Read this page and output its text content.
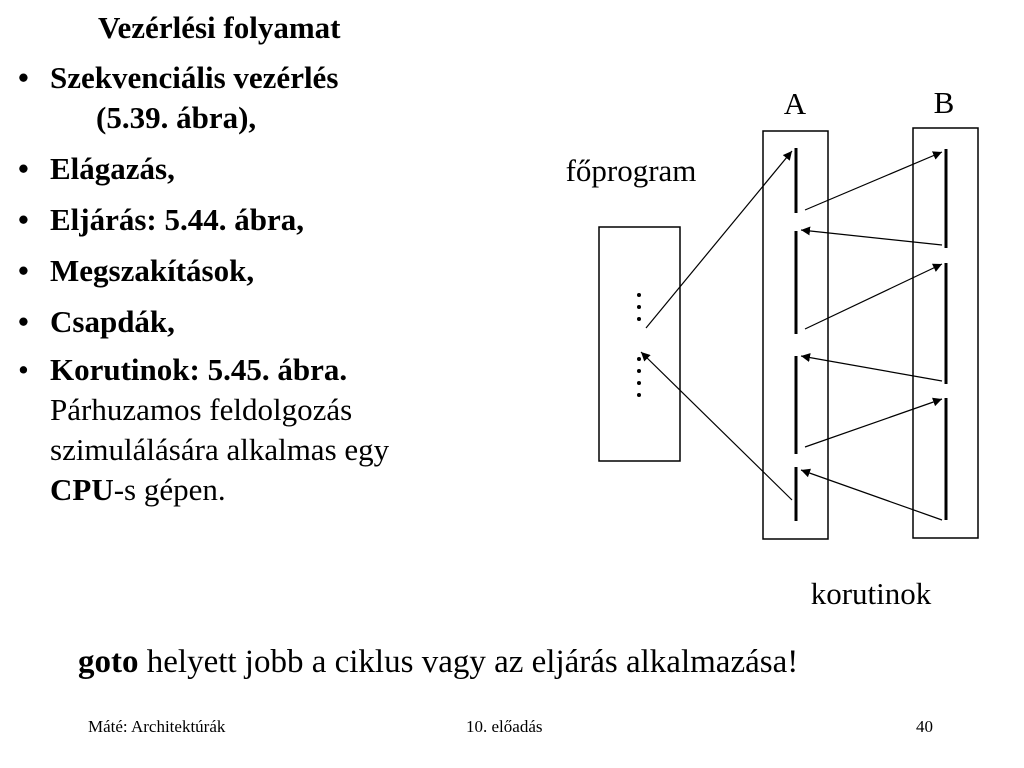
Vezérlési folyamat
• Szekvenciális vezérlés
(5.39. ábra),
• Elágazás,
• Eljárás: 5.44. ábra,
• Megszakítások,
• Csapdák,
• Korutinok: 5.45. ábra.
Párhuzamos feldolgozás
szimulálására alkalmas egy
CPU-s gépen.
A	B
főprogram
korutinok
goto helyett jobb a ciklus vagy az eljárás alkalmazása!
Máté: Architektúrák	10. előadás	40
